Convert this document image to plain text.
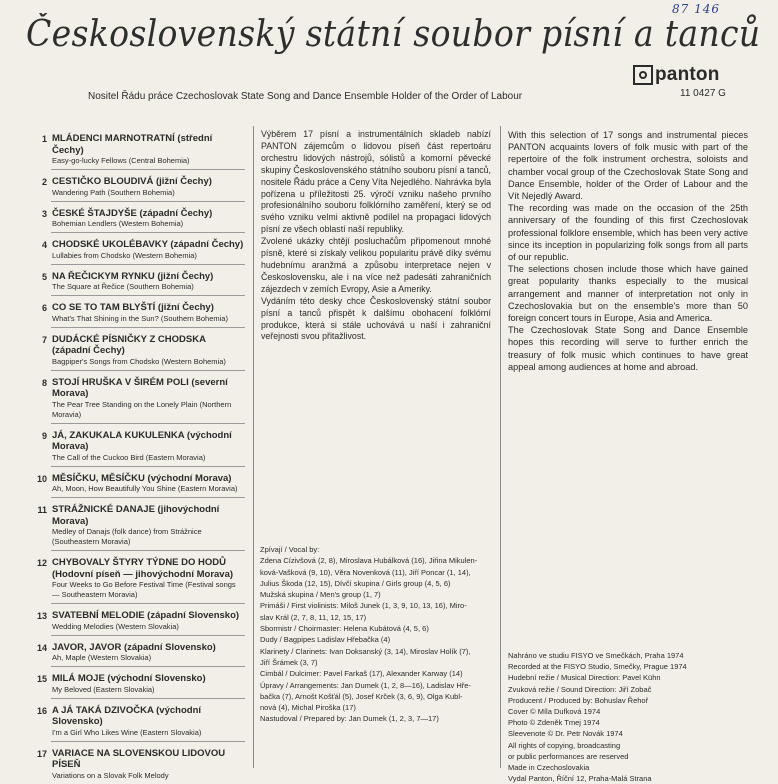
87 146
Československý státní soubor písní a tanců
panton
11 0427 G
Nositel Řádu práce Czechoslovak State Song and Dance Ensemble Holder of the Order of Labour
1 MLÁDENCI MARNOTRATNÍ (střední Čechy)
Easy-go-lucky Fellows (Central Bohemia)
2 CESTIČKO BLOUDIVÁ (jižní Čechy)
Wandering Path (Southern Bohemia)
3 ČESKÉ ŠTAJDYŠE (západní Čechy)
Bohemian Lendlers (Western Bohemia)
4 CHODSKÉ UKOLÉBAVKY (západní Čechy)
Lullabies from Chodsko (Western Bohemia)
5 NA ŘEČICKYM RYNKU (jižní Čechy)
The Square at Řečice (Southern Bohemia)
6 CO SE TO TAM BLYŠTÍ (jižní Čechy)
What's That Shining in the Sun? (Southern Bohemia)
7 DUDÁCKÉ PÍSNIČKY Z CHODSKA (západní Čechy)
Bagpiper's Songs from Chodsko (Western Bohemia)
8 STOJÍ HRUŠKA V ŠIRÉM POLI (severní Morava)
The Pear Tree Standing on the Lonely Plain (Northern Moravia)
9 JÁ, ZAKUKALA KUKULENKA (východní Morava)
The Call of the Cuckoo Bird (Eastern Moravia)
10 MĚSÍČKU, MĚSÍČKU (východní Morava)
Ah, Moon, How Beautifully You Shine (Eastern Moravia)
11 STRÁŽNICKÉ DANAJE (jihovýchodní Morava)
Medley of Danajs (folk dance) from Strážnice (Southeastern Moravia)
12 CHYBOVALY ŠTYRY TÝDNE DO HODŮ (Hodovní píseň — jihovýchodní Morava)
Four Weeks to Go Before Festival Time (Festival songs — Southeastern Moravia)
13 SVATEBNÍ MELODIE (západní Slovensko)
Wedding Melodies (Western Slovakia)
14 JAVOR, JAVOR (západní Slovensko)
Ah, Maple (Western Slovakia)
15 MILÁ MOJE (východní Slovensko)
My Beloved (Eastern Slovakia)
16 A JÁ TAKÁ DZIVOČKA (východní Slovensko)
I'm a Girl Who Likes Wine (Eastern Slovakia)
17 VARIACE NA SLOVENSKOU LIDOVOU PÍSEŇ
Variations on a Slovak Folk Melody

Výběrem 17 písní a instrumentálních skladeb nabízí PANTON zájemcům o lidovou píseň část repertoáru orchestru lidových nástrojů, sólistů a komorní pěvecké skupiny Československého státního souboru písní a tanců, nositele Řádu práce a Ceny Víta Nejedlého. Nahrávka byla pořízena u příležitosti 25. výročí vzniku našeho prvního profesionálního souboru folklórního zaměření, který se od svého vzniku velmi aktivně podílel na propagaci lidových písní ze všech oblastí naší republiky.

Zvolené ukázky chtějí posluchačům připomenout mnohé písně, které si získaly velikou popularitu právě díky svému hudebnímu aranžmá a způsobu interpretace nejen v Československu, ale i na více než padesáti zahraničních zájezdech v zemích Evropy, Asie a Ameriky.

Vydáním této desky chce Československý státní soubor písní a tanců přispět k dalšímu obohacení folklórní produkce, která si stále uchovává u naší i zahraniční veřejnosti svou přitažlivost.

With this selection of 17 songs and instrumental pieces PANTON acquaints lovers of folk music with part of the repertoire of the folk instrument orchestra, soloists and chamber vocal group of the Czechoslovak State Song and Dance Ensemble, holder of the Order of Labour and the Vít Nejedlý Award.

The recording was made on the occasion of the 25th anniversary of the founding of this first Czechoslovak professional folklore ensemble, which has been very active since its inception in popularizing folk songs from all parts of our republic.

The selections chosen include those which have gained great popularity thanks especially to the musical arrangement and manner of interpretation not only in Czechoslovakia but on the ensemble's more than 50 foreign concert tours in Europe, Asia and America.

The Czechoslovak State Song and Dance Ensemble hopes this recording will serve to further enrich the treasury of folk music which continues to have great appeal among audiences at home and abroad.

Zpívají / Vocal by:
Zdena Cízivšová (2, 8), Miroslava Hubálková (16), Jiřina Mikulen-
ková-Vašková (9, 10), Věra Novenková (11), Jiří Poncar (1, 14),
Julius Škoda (12, 15), Dívčí skupina / Girls group (4, 5, 6)
Mužská skupina / Men's group (1, 7)
Primáši / First violinists: Miloš Junek (1, 3, 9, 10, 13, 16), Miro-
slav Král (2, 7, 8, 11, 12, 15, 17)
Sbormistr / Choirmaster: Helena Kubátová (4, 5, 6)
Dudy / Bagpipes Ladislav Hřebačka (4)
Klarinety / Clarinets: Ivan Doksanský (3, 14), Miroslav Holík (7),
Jiří Šrámek (3, 7)
Cimbál / Dulcimer: Pavel Farkaš (17), Alexander Karway (14)
Úpravy / Arrangements: Jan Dumek (1, 2, 8—16), Ladislav Hře-
bačka (7), Arnošt Košťál (5), Josef Krček (3, 6, 9), Olga Kubl-
nová (4), Michal Piroška (17)
Nastudoval / Prepared by: Jan Dumek (1, 2, 3, 7—17)
Nahráno ve studiu FISYO ve Smečkách, Praha 1974
Recorded at the FISYO Studio, Smečky, Prague 1974
Hudební režie / Musical Direction: Pavel Kühn
Zvuková režie / Sound Direction: Jiří Zobač
Producent / Produced by: Bohuslav Řehoř
Cover © Míla Dufková 1974
Photo © Zdeněk Tmej 1974
Sleevenote © Dr. Petr Novák 1974
All rights of copying, broadcasting
or public performances are reserved
Made in Czechoslovakia
Vydal Panton, Říční 12, Praha-Malá Strana
